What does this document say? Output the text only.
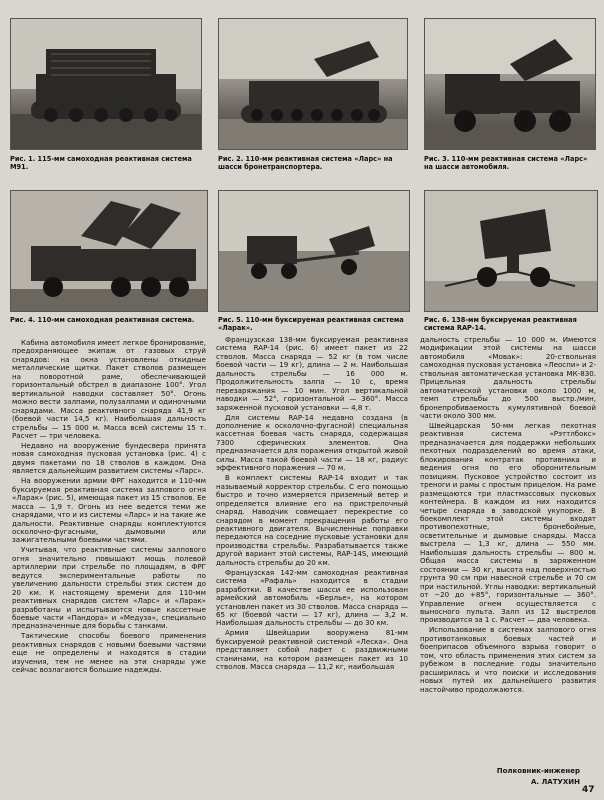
Рис. 1. 115-мм самоходная реактивная система М91.
Рис. 2. 110-мм реактивная система «Ларс» на шасси бронетранспортера.
Рис. 3. 110-мм реактивная система «Ларс» на шасси автомобиля.
Рис. 4. 110-мм самоходная реактивная система.	Рис. 5. 110-мм буксируемая реактивная система «Ларак».
Рис. 6. 138-мм буксируемая реактивная система RAP-14.

Кабина автомобиля имеет легкое бронирование, предохраняющее экипаж от газовых струй снарядов: на окна установлены откидные металлические щитки. Пакет стволов размещен на поворотной раме, обеспечивающей горизонтальный обстрел в диапазоне 100°. Угол вертикальной наводки составляет 50°. Огонь можно вести залпами, полузалпами и одиночными снарядами. Масса реактивного снаряда 41,9 кг (боевой части 14,5 кг). Наибольшая дальность стрельбы — 15 000 м. Масса всей системы 15 т. Расчет — три человека.

Недавно на вооружение бундесвера принята новая самоходная пусковая установка (рис. 4) с двумя пакетами по 18 стволов в каждом. Она является дальнейшим развитием системы «Ларс».

На вооружении армии ФРГ находится и 110-мм буксируемая реактивная система залпового огня «Ларак» (рис. 5), имеющая пакет из 15 стволов. Ее масса — 1,9 т. Огонь из нее ведется теми же снарядами, что и из системы «Ларс» и на такие же дальности. Реактивные снаряды комплектуются осколочно-фугасными, дымовыми или зажигательными боевыми частями.

Учитывая, что реактивные системы залпового огня значительно повышают мощь полевой артиллерии при стрельбе по площадям, в ФРГ ведутся экспериментальные работы по увеличению дальности стрельбы этих систем до 20 км. К настоящему времени для 110-мм реактивных снарядов систем «Ларс» и «Ларак» разработаны и испытываются новые кассетные боевые части «Пандора» и «Медуза», специально предназначенные для борьбы с танками.

Тактические способы боевого применения реактивных снарядов с новыми боевыми частями еще не определены и находятся в стадии изучения, тем не менее на эти снаряды уже сейчас возлагаются большие надежды.

Французская 138-мм буксируемая реактивная система RAP-14 (рис. 6) имеет пакет из 22 стволов. Масса снаряда — 52 кг (в том числе боевой части — 19 кг), длина — 2 м. Наибольшая дальность стрельбы — 16 000 м. Продолжительность залпа — 10 с, время перезаряжания — 10 мин. Угол вертикальной наводки — 52°, горизонтальной — 360°. Масса заряженной пусковой установки — 4,8 т.

Для системы RAP-14 недавно создана (в дополнение к осколочно-фугасной) специальная кассетная боевая часть снаряда, содержащая 7300 сферических элементов. Она предназначается для поражения открытой живой силы. Масса такой боевой части — 18 кг, радиус эффективного поражения — 70 м.

В комплект системы RAP-14 входит и так называемый корректор стрельбы. С его помощью быстро и точно измеряется приземный ветер и определяется влияние его на пристрелочный снаряд. Наводчик совмещает перекрестие со снарядом в момент прекращения работы его реактивного двигателя. Вычисленные поправки передаются на соседние пусковые установки для производства стрельбы. Разрабатывается также другой вариант этой системы, RAP-14S, имеющий дальность стрельбы до 20 км.

Французская 142-мм самоходная реактивная система «Рафаль» находится в стадии разработки. В качестве шасси ее использован армейский автомобиль «Берлье», на котором установлен пакет из 30 стволов. Масса снаряда — 65 кг (боевой части — 17 кг), длина — 3,2 м. Наибольшая дальность стрельбы — до 30 км.

Армия Швейцарии вооружена 81-мм буксируемой реактивной системой «Леска». Она представляет собой лафет с раздвижными станинами, на котором размещен пакет из 10 стволов. Масса снаряда — 11,2 кг, наибольшая

дальность стрельбы — 10 000 м. Имеются модификации этой системы на шасси автомобиля «Мовак»: 20-ствольная самоходная пусковая установка «Леоспи» и 2-ствольная автоматическая установка МК-830. Прицельная дальность стрельбы автоматической установки около 1000 м, темп стрельбы до 500 выстр./мин, бронепробиваемость кумулятивной боевой части около 300 мм.

Швейцарская 50-мм легкая пехотная реактивная система «Рэттлбокс» предназначается для поддержки небольших пехотных подразделений во время атаки, блокирования контратак противника и ведения огня по его оборонительным позициям. Пусковое устройство состоит из треноги и рамы с простым прицелом. На раме размещаются три пластмассовых пусковых контейнера. В каждом из них находится четыре снаряда в заводской укупорке. В боекомплект этой системы входят противопехотные, бронебойные, осветительные и дымовые снаряды. Масса выстрела — 1,3 кг, длина — 550 мм. Наибольшая дальность стрельбы — 800 м. Общая масса системы в заряженном состоянии — 30 кг, высота над поверхностью грунта 90 см при навесной стрельбе и 70 см при настильной. Углы наводки: вертикальный от −20 до +85°, горизонтальные — 360°. Управление огнем осуществляется с выносного пульта. Залп из 12 выстрелов производится за 1 с. Расчет — два человека.

Использование в системах залпового огня противотанковых боевых частей и боеприпасов объемного взрыва говорит о том, что область применения этих систем за рубежом в последние годы значительно расширилась и что поиски и исследования новых путей их дальнейшего развития настойчиво продолжаются.

Полковник-инженер
А. ЛАТУХИН
47
